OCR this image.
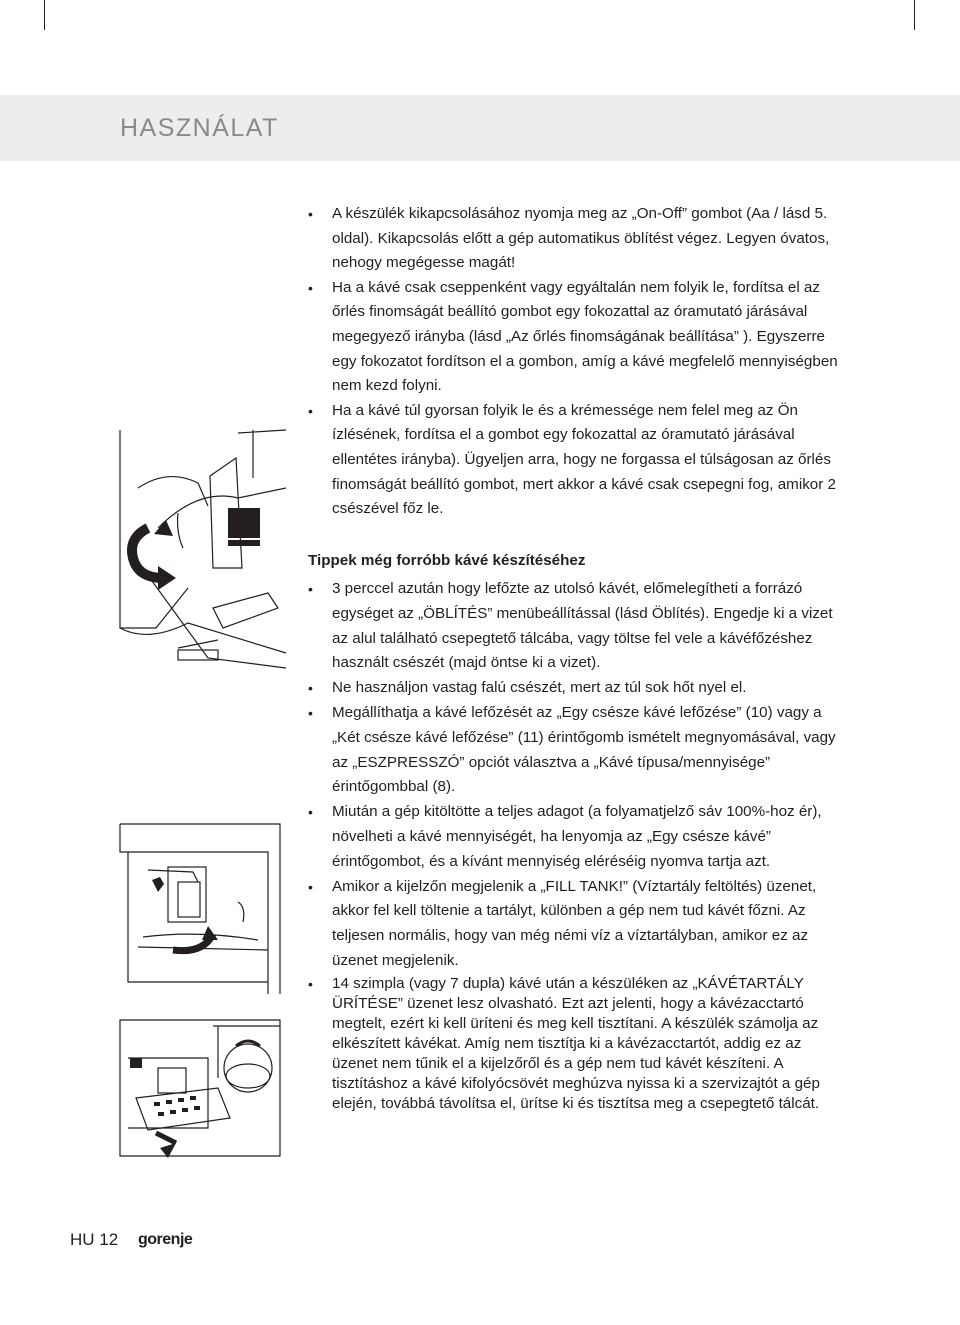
HASZNÁLAT
• A készülék kikapcsolásához nyomja meg az „On-Off” gombot (Aa / lásd 5. oldal). Kikapcsolás előtt a gép automatikus öblítést végez. Legyen óvatos, nehogy megégesse magát!
• Ha a kávé csak cseppenként vagy egyáltalán nem folyik le, fordítsa el az őrlés finomságát beállító gombot egy fokozattal az óramutató járásával megegyező irányba (lásd „Az őrlés finomságának beállítása” ). Egyszerre egy fokozatot fordítson el a gombon, amíg a kávé megfelelő mennyiségben nem kezd folyni.
• Ha a kávé túl gyorsan folyik le és a krémessége nem felel meg az Ön ízlésének, fordítsa el a gombot egy fokozattal az óramutató járásával ellentétes irányba). Ügyeljen arra, hogy ne forgassa el túlságosan az őrlés finomságát beállító gombot, mert akkor a kávé csak csepegni fog, amikor 2 csészével főz le.
Tippek még forróbb kávé készítéséhez
• 3 perccel azután hogy lefőzte az utolsó kávét, előmelegítheti a forrázó egységet az „ÖBLÍTÉS” menübeállítással (lásd Öblítés). Engedje ki a vizet az alul található csepegtető tálcába, vagy töltse fel vele a kávéfőzéshez használt csészét (majd öntse ki a vizet).
• Ne használjon vastag falú csészét, mert az túl sok hőt nyel el.
• Megállíthatja a kávé lefőzését az „Egy csésze kávé lefőzése” (10) vagy a „Két csésze kávé lefőzése” (11) érintőgomb ismételt megnyomásával, vagy az „ESZPRESSZÓ” opciót választva a „Kávé típusa/mennyisége” érintőgombbal (8).
• Miután a gép kitöltötte a teljes adagot (a folyamatjelző sáv 100%-hoz ér), növelheti a kávé mennyiségét, ha lenyomja az „Egy csésze kávé” érintőgombot, és a kívánt mennyiség eléréséig nyomva tartja azt.
• Amikor a kijelzőn megjelenik a „FILL TANK!” (Víztartály feltöltés) üzenet, akkor fel kell töltenie a tartályt, különben a gép nem tud kávét főzni. Az teljesen normális, hogy van még némi víz a víztartályban, amikor ez az üzenet megjelenik.
• 14 szimpla (vagy 7 dupla) kávé után a készüléken az „KÁVÉTARTÁLY ÜRÍTÉSE” üzenet lesz olvasható. Ezt azt jelenti, hogy a kávézacctartó megtelt, ezért ki kell üríteni és meg kell tisztítani. A készülék számolja az elkészített kávékat. Amíg nem tisztítja ki a kávézacctartót, addig ez az üzenet nem tűnik el a kijelzőről és a gép nem tud kávét készíteni. A tisztításhoz a kávé kifolyócsövét meghúzva nyissa ki a szervizajtót a gép elején, továbbá távolítsa el, ürítse ki és tisztítsa meg a csepegtető tálcát.
HU 12 gorenje
